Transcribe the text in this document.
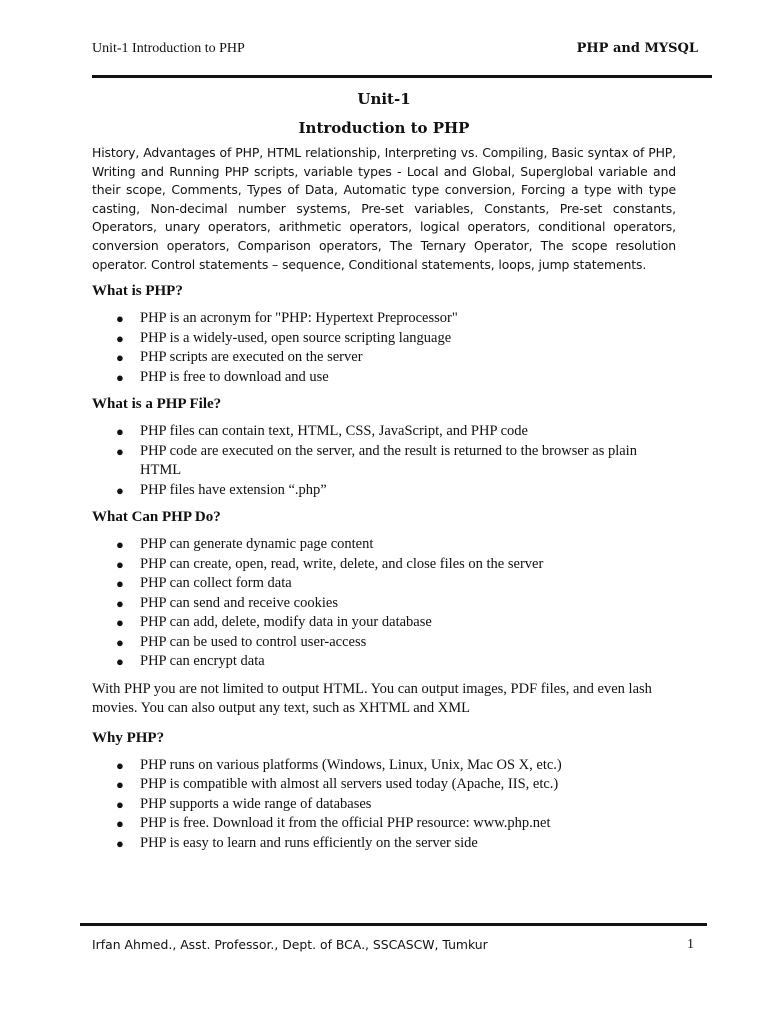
Unit-1 Introduction to PHP	PHP and MYSQL
Unit-1
Introduction to PHP

History, Advantages of PHP, HTML relationship, Interpreting vs. Compiling, Basic syntax of PHP, Writing and Running PHP scripts, variable types - Local and Global, Superglobal variable and their scope, Comments, Types of Data, Automatic type conversion, Forcing a type with type casting, Non-decimal number systems, Pre-set variables, Constants, Pre-set constants, Operators, unary operators, arithmetic operators, logical operators, conditional operators, conversion operators, Comparison operators, The Ternary Operator, The scope resolution operator. Control statements – sequence, Conditional statements, loops, jump statements.

What is PHP?
● PHP is an acronym for "PHP: Hypertext Preprocessor"
● PHP is a widely-used, open source scripting language
● PHP scripts are executed on the server
● PHP is free to download and use
What is a PHP File?
● PHP files can contain text, HTML, CSS, JavaScript, and PHP code
● PHP code are executed on the server, and the result is returned to the browser as plain HTML
● PHP files have extension “.php”
What Can PHP Do?
● PHP can generate dynamic page content
● PHP can create, open, read, write, delete, and close files on the server
● PHP can collect form data
● PHP can send and receive cookies
● PHP can add, delete, modify data in your database
● PHP can be used to control user-access
● PHP can encrypt data

With PHP you are not limited to output HTML. You can output images, PDF files, and even lash movies. You can also output any text, such as XHTML and XML

Why PHP?
● PHP runs on various platforms (Windows, Linux, Unix, Mac OS X, etc.)
● PHP is compatible with almost all servers used today (Apache, IIS, etc.)
● PHP supports a wide range of databases
● PHP is free. Download it from the official PHP resource: www.php.net
● PHP is easy to learn and runs efficiently on the server side
Irfan Ahmed., Asst. Professor., Dept. of BCA., SSCASCW, Tumkur	1
